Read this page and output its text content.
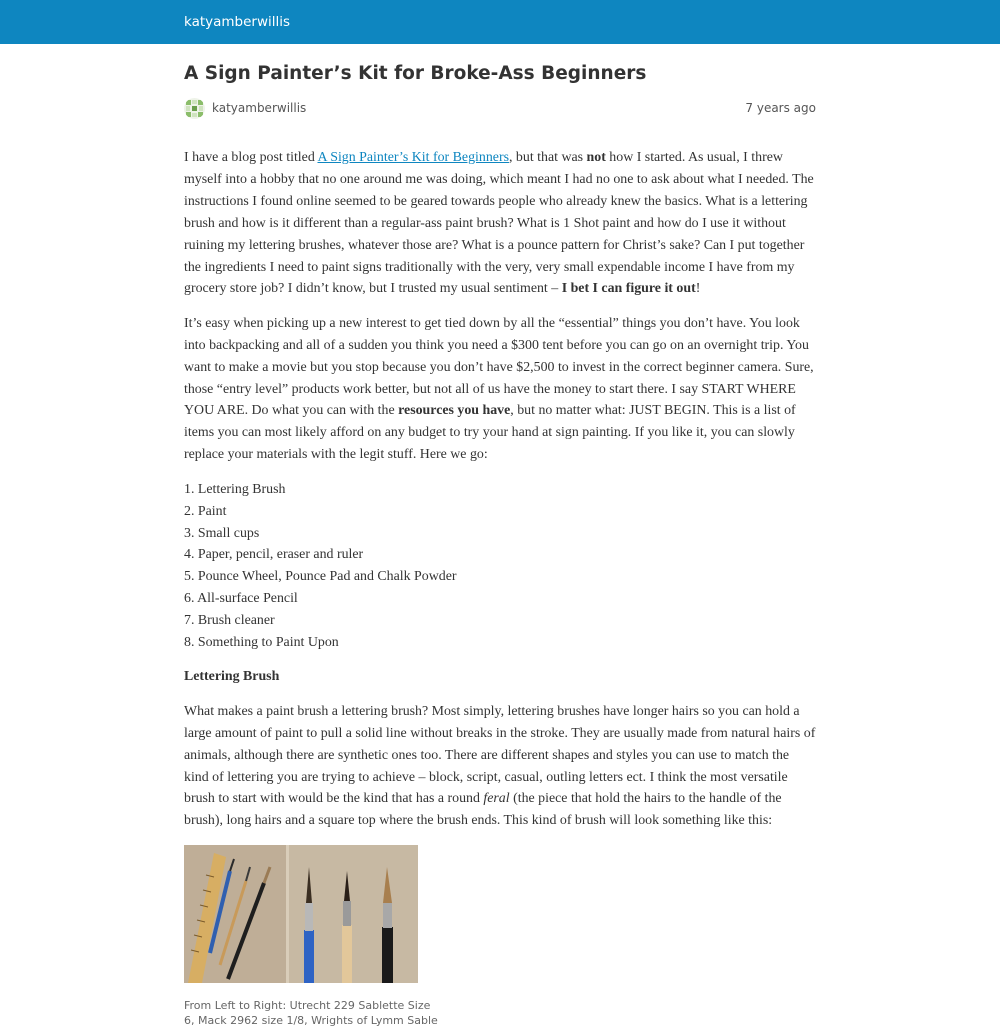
katyamberwillis
A Sign Painter’s Kit for Broke-Ass Beginners
katyamberwillis	7 years ago

I have a blog post titled A Sign Painter’s Kit for Beginners, but that was not how I started. As usual, I threw myself into a hobby that no one around me was doing, which meant I had no one to ask about what I needed. The instructions I found online seemed to be geared towards people who already knew the basics. What is a lettering brush and how is it different than a regular-ass paint brush? What is 1 Shot paint and how do I use it without ruining my lettering brushes, whatever those are? What is a pounce pattern for Christ’s sake? Can I put together the ingredients I need to paint signs traditionally with the very, very small expendable income I have from my grocery store job? I didn’t know, but I trusted my usual sentiment – I bet I can figure it out!

It’s easy when picking up a new interest to get tied down by all the “essential” things you don’t have. You look into backpacking and all of a sudden you think you need a $300 tent before you can go on an overnight trip. You want to make a movie but you stop because you don’t have $2,500 to invest in the correct beginner camera. Sure, those “entry level” products work better, but not all of us have the money to start there. I say START WHERE YOU ARE. Do what you can with the resources you have, but no matter what: JUST BEGIN. This is a list of items you can most likely afford on any budget to try your hand at sign painting. If you like it, you can slowly replace your materials with the legit stuff. Here we go:

1. Lettering Brush
2. Paint
3. Small cups
4. Paper, pencil, eraser and ruler
5. Pounce Wheel, Pounce Pad and Chalk Powder
6. All-surface Pencil
7. Brush cleaner
8. Something to Paint Upon

Lettering Brush

What makes a paint brush a lettering brush? Most simply, lettering brushes have longer hairs so you can hold a large amount of paint to pull a solid line without breaks in the stroke. They are usually made from natural hairs of animals, although there are synthetic ones too. There are different shapes and styles you can use to match the kind of lettering you are trying to achieve – block, script, casual, outling letters ect. I think the most versatile brush to start with would be the kind that has a round feral (the piece that hold the hairs to the handle of the brush), long hairs and a square top where the brush ends. This kind of brush will look something like this:

From Left to Right: Utrecht 229 Sablette Size
6, Mack 2962 size 1/8, Wrights of Lymm Sable
